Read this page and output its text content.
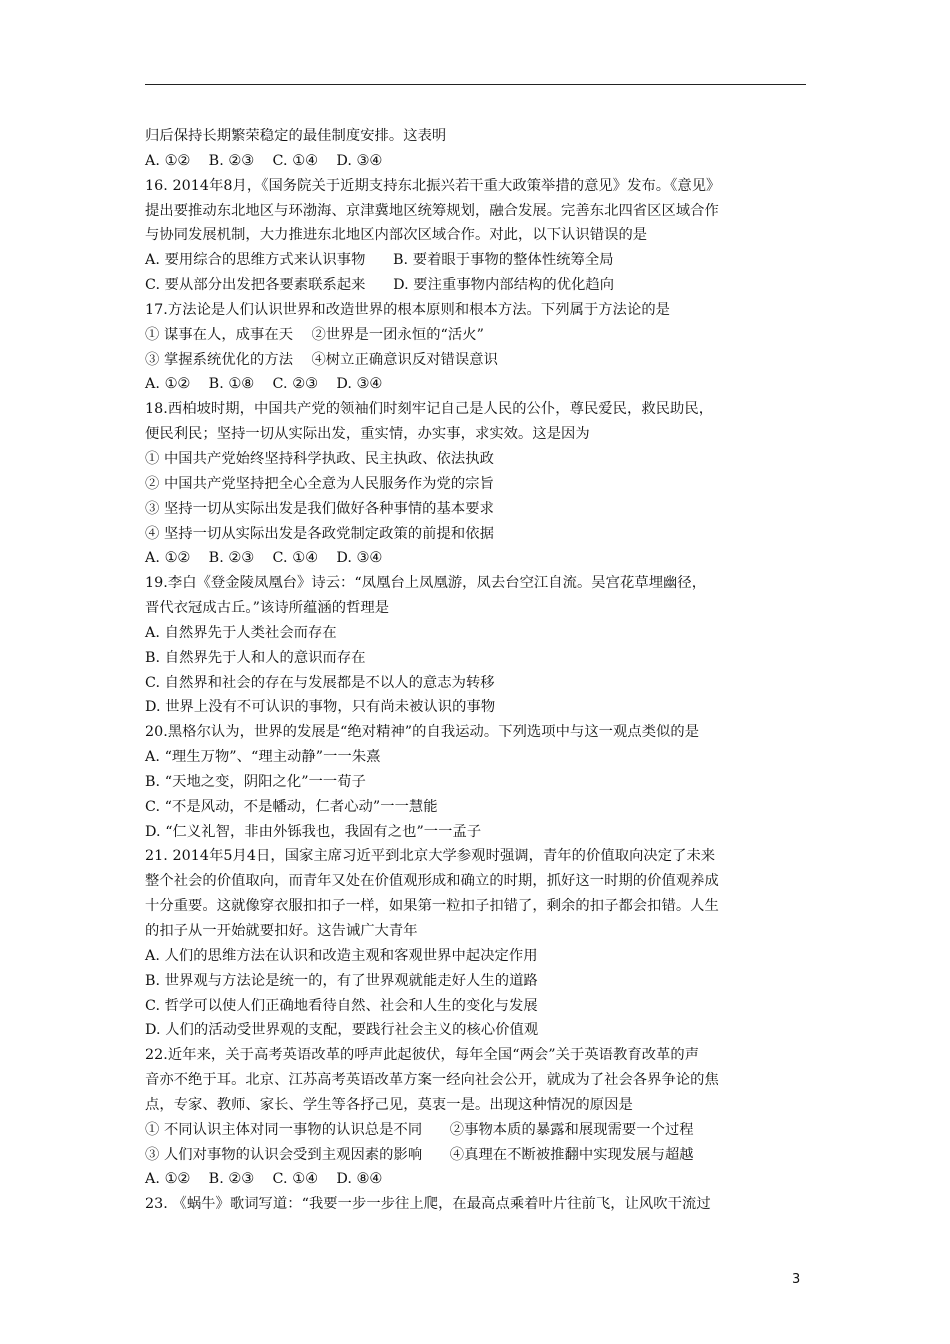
归后保持长期繁荣稳定的最佳制度安排。这表明
A. ①②    B. ②③    C. ①④    D. ③④
16. 2014年8月，《国务院关于近期支持东北振兴若干重大政策举措的意见》发布。《意见》
提出要推动东北地区与环渤海、京津冀地区统筹规划，融合发展。完善东北四省区区域合作
与协同发展机制，大力推进东北地区内部次区域合作。对此，以下认识错误的是
A. 要用综合的思维方式来认识事物      B. 要着眼于事物的整体性统筹全局
C. 要从部分出发把各要素联系起来      D. 要注重事物内部结构的优化趋向
17.方法论是人们认识世界和改造世界的根本原则和根本方法。下列属于方法论的是
① 谋事在人，成事在天    ②世界是一团永恒的“活火”
③ 掌握系统优化的方法    ④树立正确意识反对错误意识
A. ①②    B. ①⑧    C. ②③    D. ③④
18.西柏坡时期，中国共产党的领袖们时刻牢记自己是人民的公仆，尊民爱民，救民助民，
便民利民；坚持一切从实际出发，重实情，办实事，求实效。这是因为
① 中国共产党始终坚持科学执政、民主执政、依法执政
② 中国共产党坚持把全心全意为人民服务作为党的宗旨
③ 坚持一切从实际出发是我们做好各种事情的基本要求
④ 坚持一切从实际出发是各政党制定政策的前提和依据
A. ①②    B. ②③    C. ①④    D. ③④
19.李白《登金陵凤凰台》诗云：“凤凰台上凤凰游，凤去台空江自流。吴宫花草埋幽径，
晋代衣冠成古丘。”该诗所蕴涵的哲理是
A. 自然界先于人类社会而存在
B. 自然界先于人和人的意识而存在
C. 自然界和社会的存在与发展都是不以人的意志为转移
D. 世界上没有不可认识的事物，只有尚未被认识的事物
20.黑格尔认为，世界的发展是“绝对精神”的自我运动。下列选项中与这一观点类似的是
A. “理生万物”、“理主动静”一一朱熹
B. “天地之变，阴阳之化”一一荀子
C. “不是风动，不是幡动，仁者心动”一一慧能
D. “仁义礼智，非由外铄我也，我固有之也”一一孟子
21. 2014年5月4日，国家主席习近平到北京大学参观时强调，青年的价值取向决定了未来
整个社会的价值取向，而青年又处在价值观形成和确立的时期，抓好这一时期的价值观养成
十分重要。这就像穿衣服扣扣子一样，如果第一粒扣子扣错了，剩余的扣子都会扣错。人生
的扣子从一开始就要扣好。这告诫广大青年
A. 人们的思维方法在认识和改造主观和客观世界中起决定作用
B. 世界观与方法论是统一的，有了世界观就能走好人生的道路
C. 哲学可以使人们正确地看待自然、社会和人生的变化与发展
D. 人们的活动受世界观的支配，要践行社会主义的核心价值观
22.近年来，关于高考英语改革的呼声此起彼伏，每年全国“两会”关于英语教育改革的声
音亦不绝于耳。北京、江苏高考英语改革方案一经向社会公开，就成为了社会各界争论的焦
点，专家、教师、家长、学生等各抒己见，莫衷一是。出现这种情况的原因是
① 不同认识主体对同一事物的认识总是不同      ②事物本质的暴露和展现需要一个过程
③ 人们对事物的认识会受到主观因素的影响      ④真理在不断被推翻中实现发展与超越
A. ①②    B. ②③    C. ①④    D. ⑧④
23. 《蜗牛》歌词写道：“我要一步一步往上爬，在最高点乘着叶片往前飞，让风吹干流过
3
